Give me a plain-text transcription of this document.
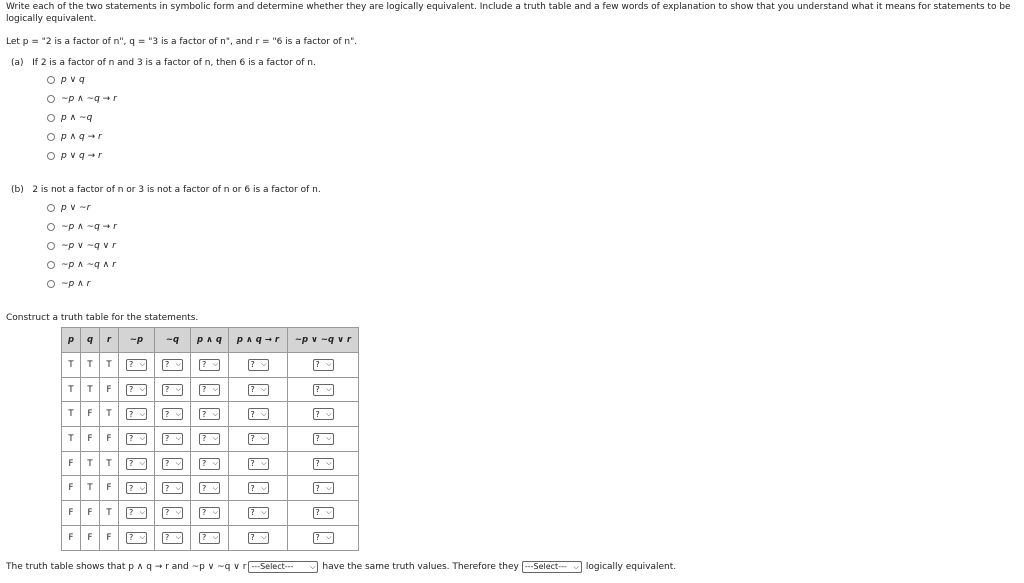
Write each of the two statements in symbolic form and determine whether they are logically equivalent. Include a truth table and a few words of explanation to show that you understand what it means for statements to be
logically equivalent.
Let p = "2 is a factor of n", q = "3 is a factor of n", and r = "6 is a factor of n".
(a) If 2 is a factor of n and 3 is a factor of n, then 6 is a factor of n.
p ∨ q
~p ∧ ~q → r
p ∧ ~q
p ∧ q → r
p ∨ q → r
(b) 2 is not a factor of n or 3 is not a factor of n or 6 is a factor of n.
p ∨ ~r
~p ∧ ~q → r
~p ∨ ~q ∨ r
~p ∧ ~q ∧ r
~p ∧ r
Construct a truth table for the statements.
p	q	r	~p	~q	p ∧ q	p ∧ q → r	~p ∨ ~q ∨ r
T	T	T	? ⌵	? ⌵	? ⌵	? ⌵	? ⌵

T	T	F	? ⌵	? ⌵	? ⌵	? ⌵	? ⌵

T	F	T	? ⌵	? ⌵	? ⌵	? ⌵	? ⌵

T	F	F	? ⌵	? ⌵	? ⌵	? ⌵	? ⌵

F	T	T	? ⌵	? ⌵	? ⌵	? ⌵	? ⌵

F	T	F	? ⌵	? ⌵	? ⌵	? ⌵	? ⌵

F	F	T	? ⌵	? ⌵	? ⌵	? ⌵	? ⌵

F	F	F	? ⌵	? ⌵	? ⌵	? ⌵	? ⌵
The truth table shows that p ∧ q → r and ~p ∨ ~q ∨ r ---Select--- ⌵ have the same truth values. Therefore they ---Select--- ⌵ logically equivalent.
